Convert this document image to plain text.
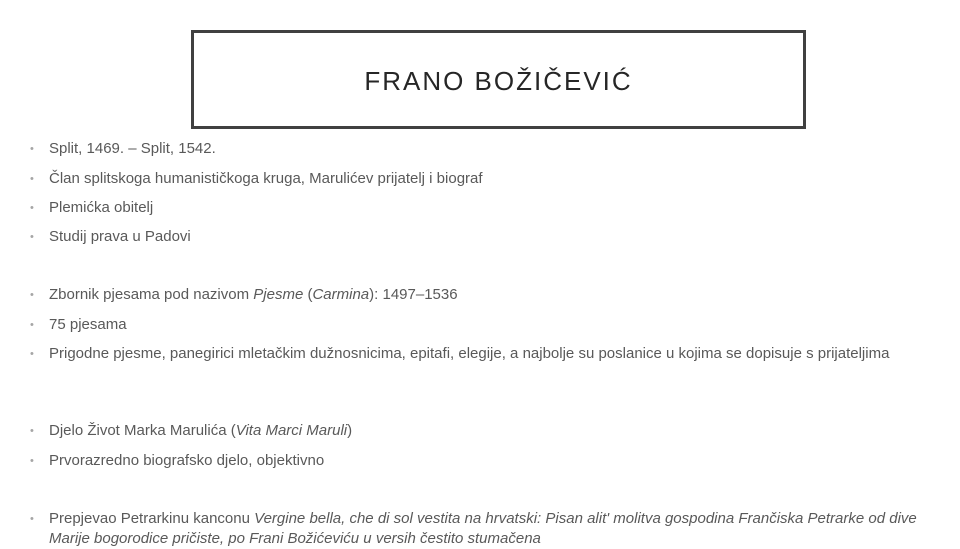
FRANO BOŽIČEVIĆ
• Split, 1469. – Split, 1542.
• Član splitskoga humanističkoga kruga, Marulićev prijatelj i biograf
• Plemićka obitelj
• Studij prava u Padovi
• Zbornik pjesama pod nazivom Pjesme (Carmina): 1497–1536
• 75 pjesama
• Prigodne pjesme, panegirici mletačkim dužnosnicima, epitafi, elegije, a najbolje su poslanice u kojima se dopisuje s prijateljima
• Djelo Život Marka Marulića (Vita Marci Maruli)
• Prvorazredno biografsko djelo, objektivno
• Prepjevao Petrarkinu kanconu Vergine bella, che di sol vestita na hrvatski: Pisan alit' molitva gospodina Frančiska Petrarke od dive Marije bogorodice pričiste, po Frani Božićeviću u versih čestito stumačena
